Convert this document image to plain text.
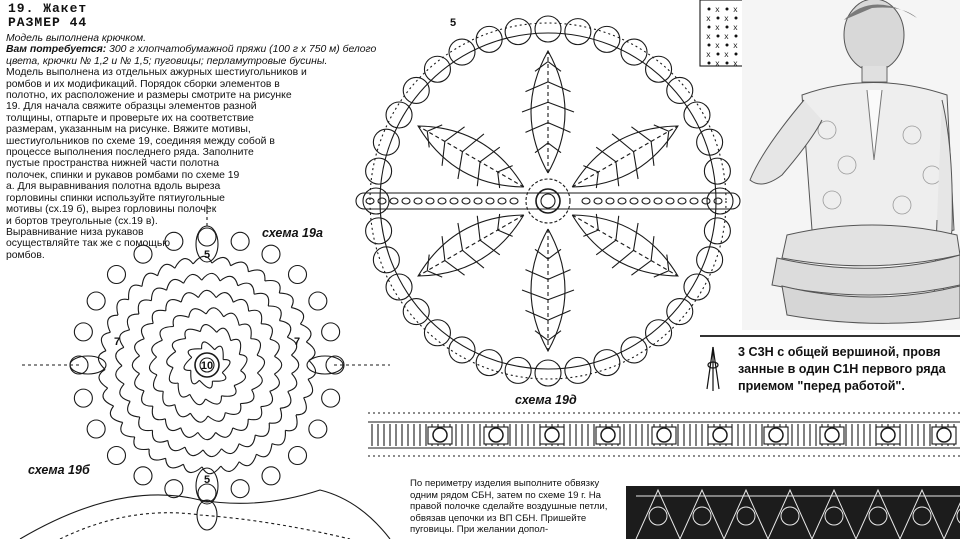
19. Жакет
РАЗМЕР 44

Модель выполнена крючком.

Вам потребуется: 300 г хлопчатобумажной пряжи (100 г х 750 м) белого цвета, крючки № 1,2 и № 1,5; пуговицы; перламутровые бусины.

Модель выполнена из отдельных ажурных шестиугольников и ромбов и их модификаций. Порядок сборки элементов в полотно, их расположение и размеры смотрите на рисунке 19. Для начала свяжите образцы элементов разной толщины, отпарьте и проверьте их на соответствие размерам, указанным на рисунке. Вяжите мотивы, шестиугольников по схеме 19, соединяя между собой в процессе выполнения последнего ряда. Заполните пустые пространства нижней части полотна полочек, спинки и рукавов ромбами по схеме 19 а. Для выравнивания полотна вдоль выреза горловины спинки используйте пятиугольные мотивы (сх.19 б), вырез горловины полочек и бортов треугольные (сх.19 в). Выравнивание низа рукавов осуществляйте так же с помощью ромбов.

схема 19а
схема 19б
схема 19д
x x
x x
x x
x x
x x
x x
x x
5
5
7	7
10
5

3 С3Н с общей вершиной, провя

занные в один С1Н первого ряда

приемом "перед работой".

По периметру изделия выполните обвязку одним рядом СБН, затем по схеме 19 г. На правой полочке сделайте воздушные петли, обвязав цепочки из ВП СБН. Пришейте пуговицы. При желании допол-
